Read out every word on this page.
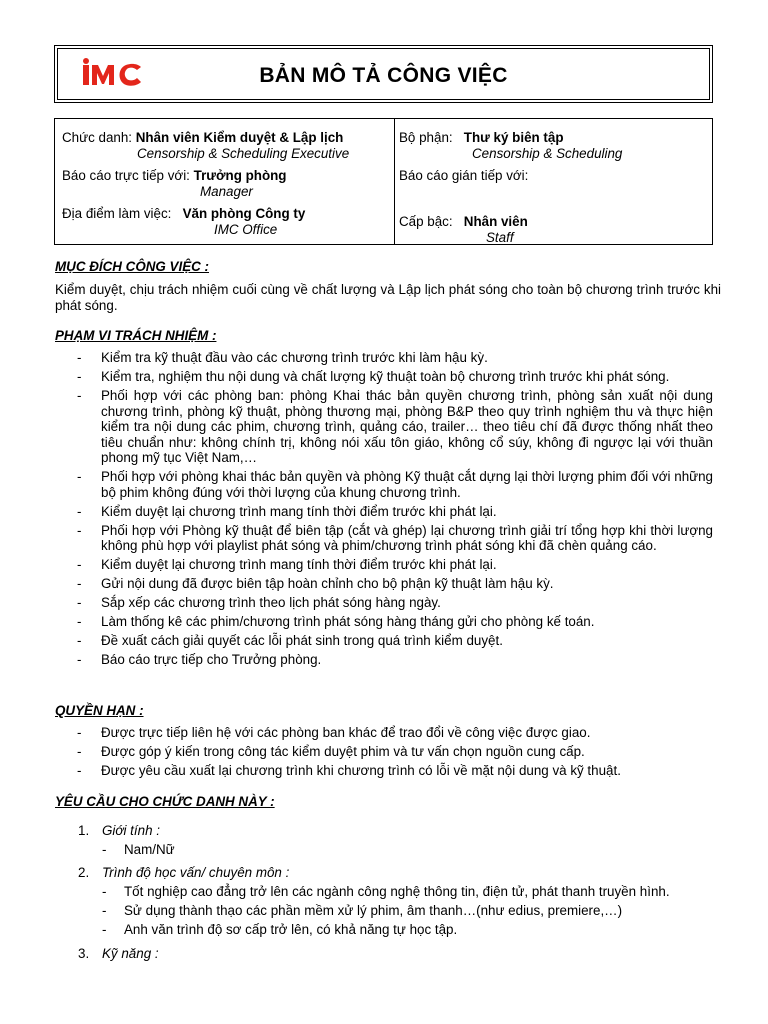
BẢN MÔ TẢ CÔNG VIỆC
Chức danh: Nhân viên Kiểm duyệt & Lập lịch
Censorship & Scheduling Executive
Bộ phận: Thư ký biên tập
Censorship & Scheduling
Báo cáo trực tiếp với: Trưởng phòng
Manager
Báo cáo gián tiếp với:
Địa điểm làm việc: Văn phòng Công ty
IMC Office
Cấp bậc: Nhân viên
Staff
MỤC ĐÍCH CÔNG VIỆC :
Kiểm duyệt, chịu trách nhiệm cuối cùng về chất lượng và Lập lịch phát sóng cho toàn bộ chương trình trước khi phát sóng.
PHẠM VI TRÁCH NHIỆM :
- Kiểm tra kỹ thuật đầu vào các chương trình trước khi làm hậu kỳ.
- Kiểm tra, nghiệm thu nội dung và chất lượng kỹ thuật toàn bộ chương trình trước khi phát sóng.
- Phối hợp với các phòng ban: phòng Khai thác bản quyền chương trình, phòng sản xuất nội dung chương trình, phòng kỹ thuật, phòng thương mại, phòng B&P theo quy trình nghiệm thu và thực hiện kiểm tra nội dung các phim, chương trình, quảng cáo, trailer… theo tiêu chí đã được thống nhất theo tiêu chuẩn như: không chính trị, không nói xấu tôn giáo, không cổ súy, không đi ngược lại với thuần phong mỹ tục Việt Nam,…
- Phối hợp với phòng khai thác bản quyền và phòng Kỹ thuật cắt dựng lại thời lượng phim đối với những bộ phim không đúng với thời lượng của khung chương trình.
- Kiểm duyệt lại chương trình mang tính thời điểm trước khi phát lại.
- Phối hợp với Phòng kỹ thuật để biên tập (cắt và ghép) lại chương trình giải trí tổng hợp khi thời lượng không phù hợp với playlist phát sóng và phim/chương trình phát sóng khi đã chèn quảng cáo.
- Kiểm duyệt lại chương trình mang tính thời điểm trước khi phát lại.
- Gửi nội dung đã được biên tập hoàn chỉnh cho bộ phận kỹ thuật làm hậu kỳ.
- Sắp xếp các chương trình theo lịch phát sóng hàng ngày.
- Làm thống kê các phim/chương trình phát sóng hàng tháng gửi cho phòng kế toán.
- Đề xuất cách giải quyết các lỗi phát sinh trong quá trình kiểm duyệt.
- Báo cáo trực tiếp cho Trưởng phòng.
QUYỀN HẠN :
- Được trực tiếp liên hệ với các phòng ban khác để trao đổi về công việc được giao.
- Được góp ý kiến trong công tác kiểm duyệt phim và tư vấn chọn nguồn cung cấp.
- Được yêu cầu xuất lại chương trình khi chương trình có lỗi về mặt nội dung và kỹ thuật.
YÊU CẦU CHO CHỨC DANH NÀY :
1. Giới tính :
- Nam/Nữ
2. Trình độ học vấn/ chuyên môn :
- Tốt nghiệp cao đẳng trở lên các ngành công nghệ thông tin, điện tử, phát thanh truyền hình.
- Sử dụng thành thạo các phần mềm xử lý phim, âm thanh…(như edius, premiere,…)
- Anh văn trình độ sơ cấp trở lên, có khả năng tự học tập.
3. Kỹ năng :
